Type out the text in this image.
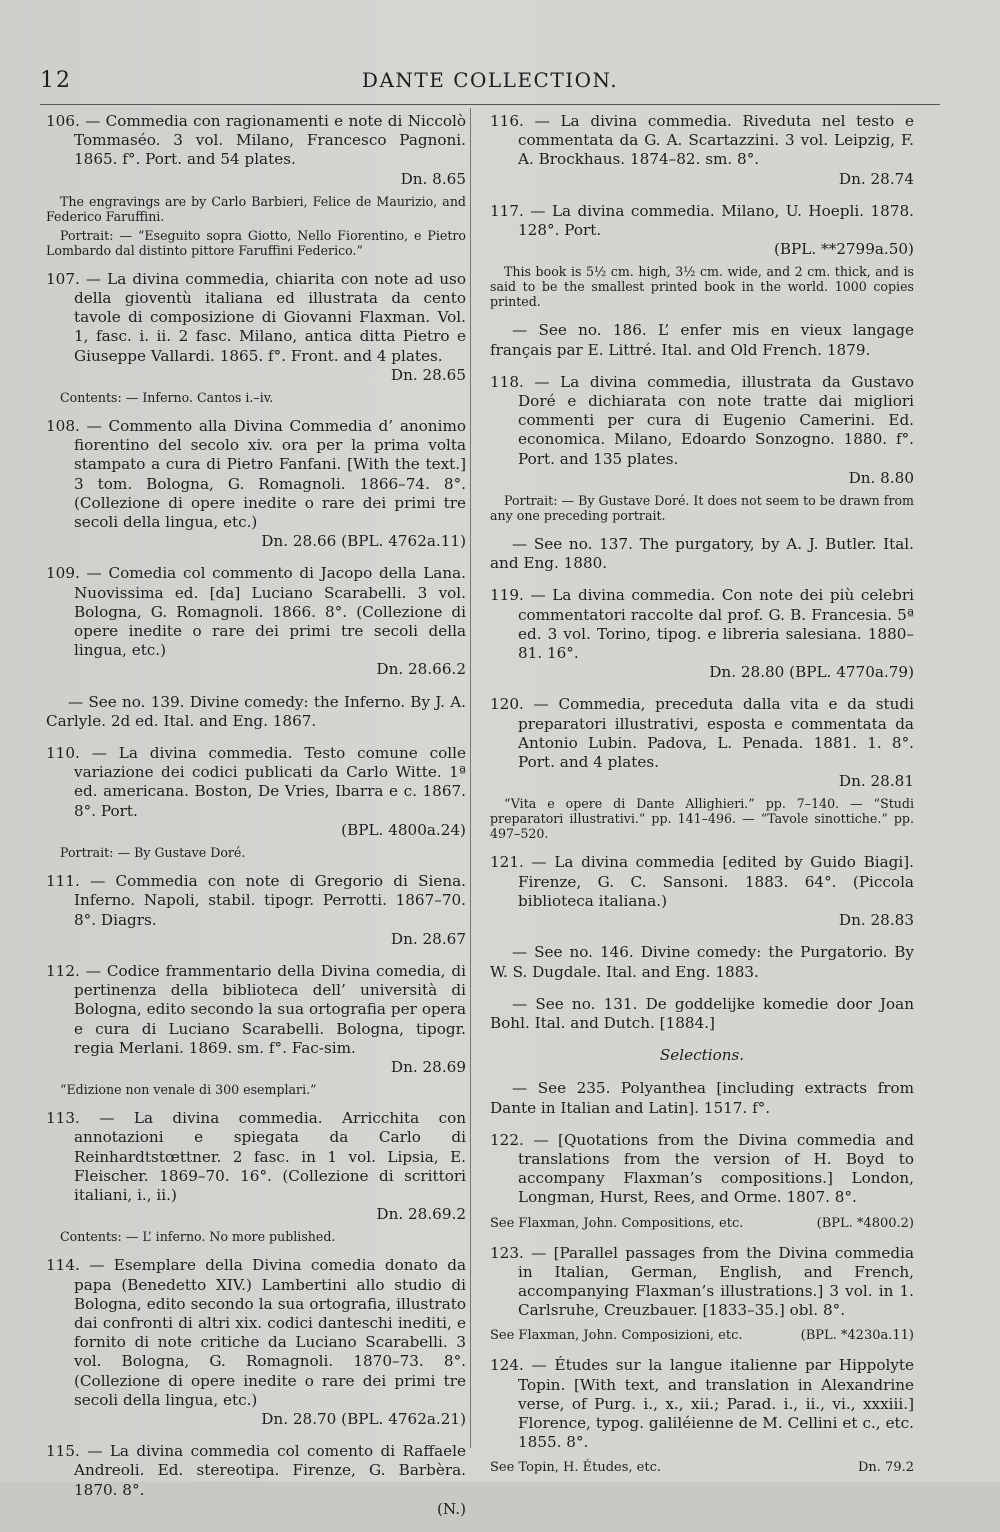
12	DANTE COLLECTION.

106. — Commedia con ragionamenti e note di Niccolò Tommaséo. 3 vol. Milano, Francesco Pagnoni. 1865. f°. Port. and 54 plates.
Dn. 8.65

The engravings are by Carlo Barbieri, Felice de Maurizio, and Federico Faruffini.

Portrait: — “Eseguito sopra Giotto, Nello Fiorentino, e Pietro Lombardo dal distinto pittore Faruffini Federico.”

107. — La divina commedia, chiarita con note ad uso della gioventù italiana ed illustrata da cento tavole di composizione di Giovanni Flaxman. Vol. 1, fasc. i. ii. 2 fasc. Milano, antica ditta Pietro e Giuseppe Vallardi. 1865. f°. Front. and 4 plates.
Dn. 28.65

Contents: — Inferno. Cantos i.–iv.

108. — Commento alla Divina Commedia d’ anonimo fiorentino del secolo xiv. ora per la prima volta stampato a cura di Pietro Fanfani. [With the text.] 3 tom. Bologna, G. Romagnoli. 1866–74. 8°. (Collezione di opere inedite o rare dei primi tre secoli della lingua, etc.)
Dn. 28.66 (BPL. 4762a.11)

109. — Comedia col commento di Jacopo della Lana. Nuovissima ed. [da] Luciano Scarabelli. 3 vol. Bologna, G. Romagnoli. 1866. 8°. (Collezione di opere inedite o rare dei primi tre secoli della lingua, etc.)
Dn. 28.66.2

— See no. 139. Divine comedy: the Inferno. By J. A. Carlyle. 2d ed. Ital. and Eng. 1867.

110. — La divina commedia. Testo comune colle variazione dei codici publicati da Carlo Witte. 1ª ed. americana. Boston, De Vries, Ibarra e c. 1867. 8°. Port.
(BPL. 4800a.24)

Portrait: — By Gustave Doré.

111. — Commedia con note di Gregorio di Siena. Inferno. Napoli, stabil. tipogr. Perrotti. 1867–70. 8°. Diagrs.
Dn. 28.67

112. — Codice frammentario della Divina comedia, di pertinenza della biblioteca dell’ università di Bologna, edito secondo la sua ortografia per opera e cura di Luciano Scarabelli. Bologna, tipogr. regia Merlani. 1869. sm. f°. Fac-sim.
Dn. 28.69

“Edizione non venale di 300 esemplari.”

113. — La divina commedia. Arricchita con annotazioni e spiegata da Carlo di Reinhardtstœttner. 2 fasc. in 1 vol. Lipsia, E. Fleischer. 1869–70. 16°. (Collezione di scrittori italiani, i., ii.)
Dn. 28.69.2

Contents: — L’ inferno. No more published.

114. — Esemplare della Divina comedia donato da papa (Benedetto XIV.) Lambertini allo studio di Bologna, edito secondo la sua ortografia, illustrato dai confronti di altri xix. codici danteschi inediti, e fornito di note critiche da Luciano Scarabelli. 3 vol. Bologna, G. Romagnoli. 1870–73. 8°. (Collezione di opere inedite o rare dei primi tre secoli della lingua, etc.)
Dn. 28.70 (BPL. 4762a.21)

115. — La divina commedia col comento di Raffaele Andreoli. Ed. stereotipa. Firenze, G. Barbèra. 1870. 8°.
(N.)

116. — La divina commedia. Riveduta nel testo e commentata da G. A. Scartazzini. 3 vol. Leipzig, F. A. Brockhaus. 1874–82. sm. 8°.
Dn. 28.74

117. — La divina commedia. Milano, U. Hoepli. 1878. 128°. Port.
(BPL. **2799a.50)

This book is 5½ cm. high, 3½ cm. wide, and 2 cm. thick, and is said to be the smallest printed book in the world. 1000 copies printed.

— See no. 186. L’ enfer mis en vieux langage français par E. Littré. Ital. and Old French. 1879.

118. — La divina commedia, illustrata da Gustavo Doré e dichiarata con note tratte dai migliori commenti per cura di Eugenio Camerini. Ed. economica. Milano, Edoardo Sonzogno. 1880. f°. Port. and 135 plates.
Dn. 8.80

Portrait: — By Gustave Doré. It does not seem to be drawn from any one preceding portrait.

— See no. 137. The purgatory, by A. J. Butler. Ital. and Eng. 1880.

119. — La divina commedia. Con note dei più celebri commentatori raccolte dal prof. G. B. Francesia. 5ª ed. 3 vol. Torino, tipog. e libreria salesiana. 1880–81. 16°.
Dn. 28.80 (BPL. 4770a.79)

120. — Commedia, preceduta dalla vita e da studi preparatori illustrativi, esposta e commentata da Antonio Lubin. Padova, L. Penada. 1881. 1. 8°. Port. and 4 plates.
Dn. 28.81

“Vita e opere di Dante Allighieri.” pp. 7–140. — “Studi preparatori illustrativi.” pp. 141–496. — “Tavole sinottiche.” pp. 497–520.

121. — La divina commedia [edited by Guido Biagi]. Firenze, G. C. Sansoni. 1883. 64°. (Piccola biblioteca italiana.)
Dn. 28.83

— See no. 146. Divine comedy: the Purgatorio. By W. S. Dugdale. Ital. and Eng. 1883.

— See no. 131. De goddelijke komedie door Joan Bohl. Ital. and Dutch. [1884.]

Selections.

— See 235. Polyanthea [including extracts from Dante in Italian and Latin]. 1517. f°.

122. — [Quotations from the Divina commedia and translations from the version of H. Boyd to accompany Flaxman’s compositions.] London, Longman, Hurst, Rees, and Orme. 1807. 8°.

See Flaxman, John. Compositions, etc.	(BPL. *4800.2)

123. — [Parallel passages from the Divina commedia in Italian, German, English, and French, accompanying Flaxman’s illustrations.] 3 vol. in 1. Carlsruhe, Creuzbauer. [1833–35.] obl. 8°.

See Flaxman, John. Composizioni, etc.	(BPL. *4230a.11)

124. — Études sur la langue italienne par Hippolyte Topin. [With text, and translation in Alexandrine verse, of Purg. i., x., xii.; Parad. i., ii., vi., xxxiii.] Florence, typog. galiléienne de M. Cellini et c., etc. 1855. 8°.

See Topin, H. Études, etc.	Dn. 79.2
